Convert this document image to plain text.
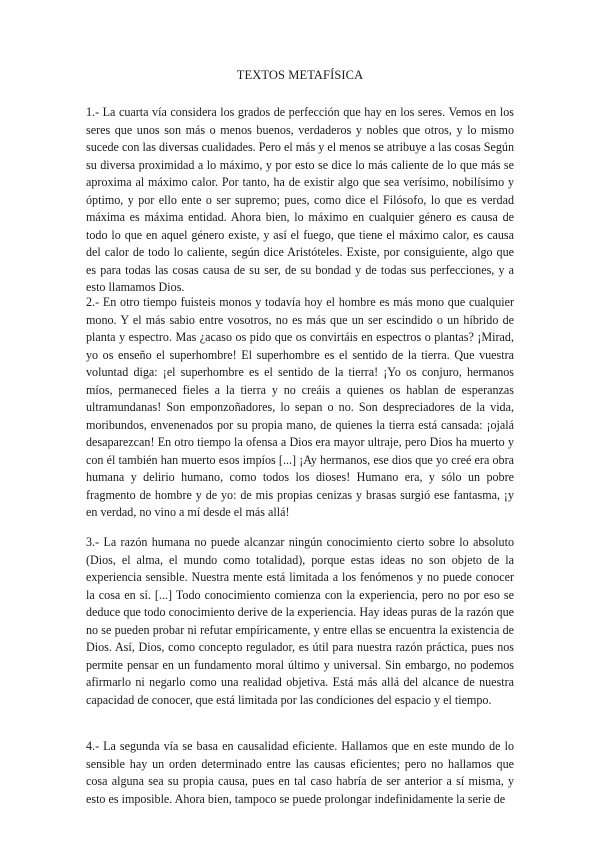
TEXTOS METAFÍSICA

1.- La cuarta vía considera los grados de perfección que hay en los seres. Vemos en los seres que unos son más o menos buenos, verdaderos y nobles que otros, y lo mismo sucede con las diversas cualidades. Pero el más y el menos se atribuye a las cosas Según su diversa proximidad a lo máximo, y por esto se dice lo más caliente de lo que más se aproxima al máximo calor. Por tanto, ha de existir algo que sea verísimo, nobilísimo y óptimo, y por ello ente o ser supremo; pues, como dice el Filósofo, lo que es verdad máxima es máxima entidad. Ahora bien, lo máximo en cualquier género es causa de todo lo que en aquel género existe, y así el fuego, que tiene el máximo calor, es causa del calor de todo lo caliente, según dice Aristóteles. Existe, por consiguiente, algo que es para todas las cosas causa de su ser, de su bondad y de todas sus perfecciones, y a esto llamamos Dios.

2.- En otro tiempo fuisteis monos y todavía hoy el hombre es más mono que cualquier mono. Y el más sabio entre vosotros, no es más que un ser escindido o un híbrido de planta y espectro. Mas ¿acaso os pido que os convirtáis en espectros o plantas? ¡Mirad, yo os enseño el superhombre! El superhombre es el sentido de la tierra. Que vuestra voluntad diga: ¡el superhombre es el sentido de la tierra! ¡Yo os conjuro, hermanos míos, permaneced fieles a la tierra y no creáis a quienes os hablan de esperanzas ultramundanas! Son emponzoñadores, lo sepan o no. Son despreciadores de la vida, moribundos, envenenados por su propia mano, de quienes la tierra está cansada: ¡ojalá desaparezcan! En otro tiempo la ofensa a Dios era mayor ultraje, pero Dios ha muerto y con él también han muerto esos impíos [...] ¡Ay hermanos, ese dios que yo creé era obra humana y delirio humano, como todos los dioses! Humano era, y sólo un pobre fragmento de hombre y de yo: de mis propias cenizas y brasas surgió ese fantasma, ¡y en verdad, no vino a mí desde el más allá!

3.- La razón humana no puede alcanzar ningún conocimiento cierto sobre lo absoluto (Dios, el alma, el mundo como totalidad), porque estas ideas no son objeto de la experiencia sensible. Nuestra mente está limitada a los fenómenos y no puede conocer la cosa en sí. [...] Todo conocimiento comienza con la experiencia, pero no por eso se deduce que todo conocimiento derive de la experiencia. Hay ideas puras de la razón que no se pueden probar ni refutar empíricamente, y entre ellas se encuentra la existencia de Dios. Así, Dios, como concepto regulador, es útil para nuestra razón práctica, pues nos permite pensar en un fundamento moral último y universal. Sin embargo, no podemos afirmarlo ni negarlo como una realidad objetiva. Está más allá del alcance de nuestra capacidad de conocer, que está limitada por las condiciones del espacio y el tiempo.

4.- La segunda vía se basa en causalidad eficiente. Hallamos que en este mundo de lo sensible hay un orden determinado entre las causas eficientes; pero no hallamos que cosa alguna sea su propia causa, pues en tal caso habría de ser anterior a sí misma, y esto es imposible. Ahora bien, tampoco se puede prolongar indefinidamente la serie de
